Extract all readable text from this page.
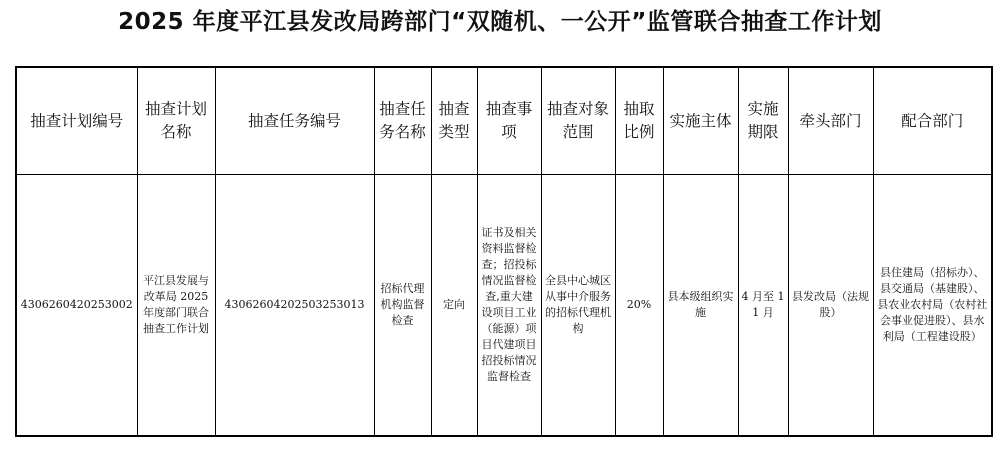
2025 年度平江县发改局跨部门“双随机、一公开”监管联合抽查工作计划
抽查计划编号	抽查计划名称	抽查任务编号	抽查任务名称	抽查类型	抽查事项	抽查对象范围	抽取比例	实施主体	实施期限	牵头部门	配合部门
4306260420253002	平江县发展与改革局 2025 年度部门联合抽查工作计划	43062604202503253013	招标代理机构监督检查	定向	证书及相关资料监督检查；招投标情况监督检查,重大建设项目工业（能源）项目代建项目招投标情况监督检查	全县中心城区从事中介服务的招标代理机构	20%	县本级组织实施	4 月至 11 月	县发改局（法规股）	县住建局（招标办）、县交通局（基建股）、县农业农村局（农村社会事业促进股）、县水利局（工程建设股）
